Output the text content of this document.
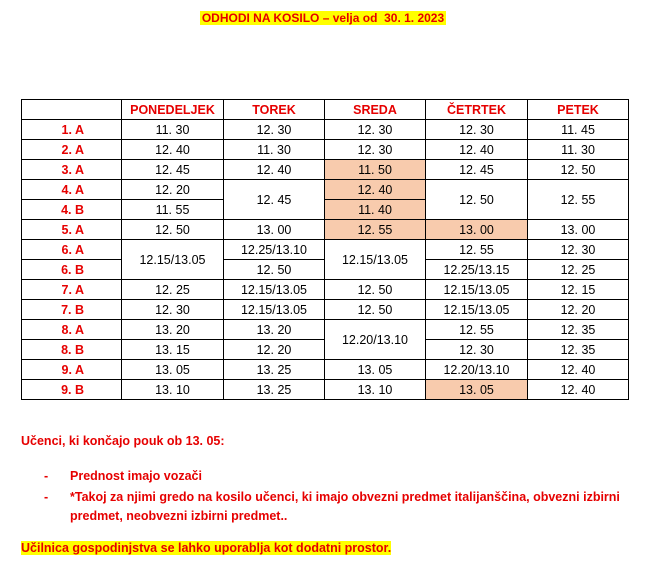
ODHODI NA KOSILO – velja od 30. 1. 2023
	PONEDELJEK	TOREK	SREDA	ČETRTEK	PETEK
1. A	11. 30	12. 30	12. 30	12. 30	11. 45
2. A	12. 40	11. 30	12. 30	12. 40	11. 30
3. A	12. 45	12. 40	11. 50	12. 45	12. 50
4. A	12. 20	12. 45	12. 40	12. 50	12. 55
4. B	11. 55		11. 40		
5. A	12. 50	13. 00	12. 55	13. 00	13. 00
6. A	12.15/13.05	12.25/13.10	12.15/13.05	12. 55	12. 30
6. B		12. 50		12.25/13.15	12. 25
7. A	12. 25	12.15/13.05	12. 50	12.15/13.05	12. 15
7. B	12. 30	12.15/13.05	12. 50	12.15/13.05	12. 20
8. A	13. 20	13. 20	12.20/13.10	12. 55	12. 35
8. B	13. 15	12. 20		12. 30	12. 35
9. A	13. 05	13. 25	13. 05	12.20/13.10	12. 40
9. B	13. 10	13. 25	13. 10	13. 05	12. 40
Učenci, ki končajo pouk ob 13. 05:
-	Prednost imajo vozači
-	*Takoj za njimi gredo na kosilo učenci, ki imajo obvezni predmet italijanščina, obvezni izbirni predmet, neobvezni izbirni predmet..
Učilnica gospodinjstva se lahko uporablja kot dodatni prostor.
